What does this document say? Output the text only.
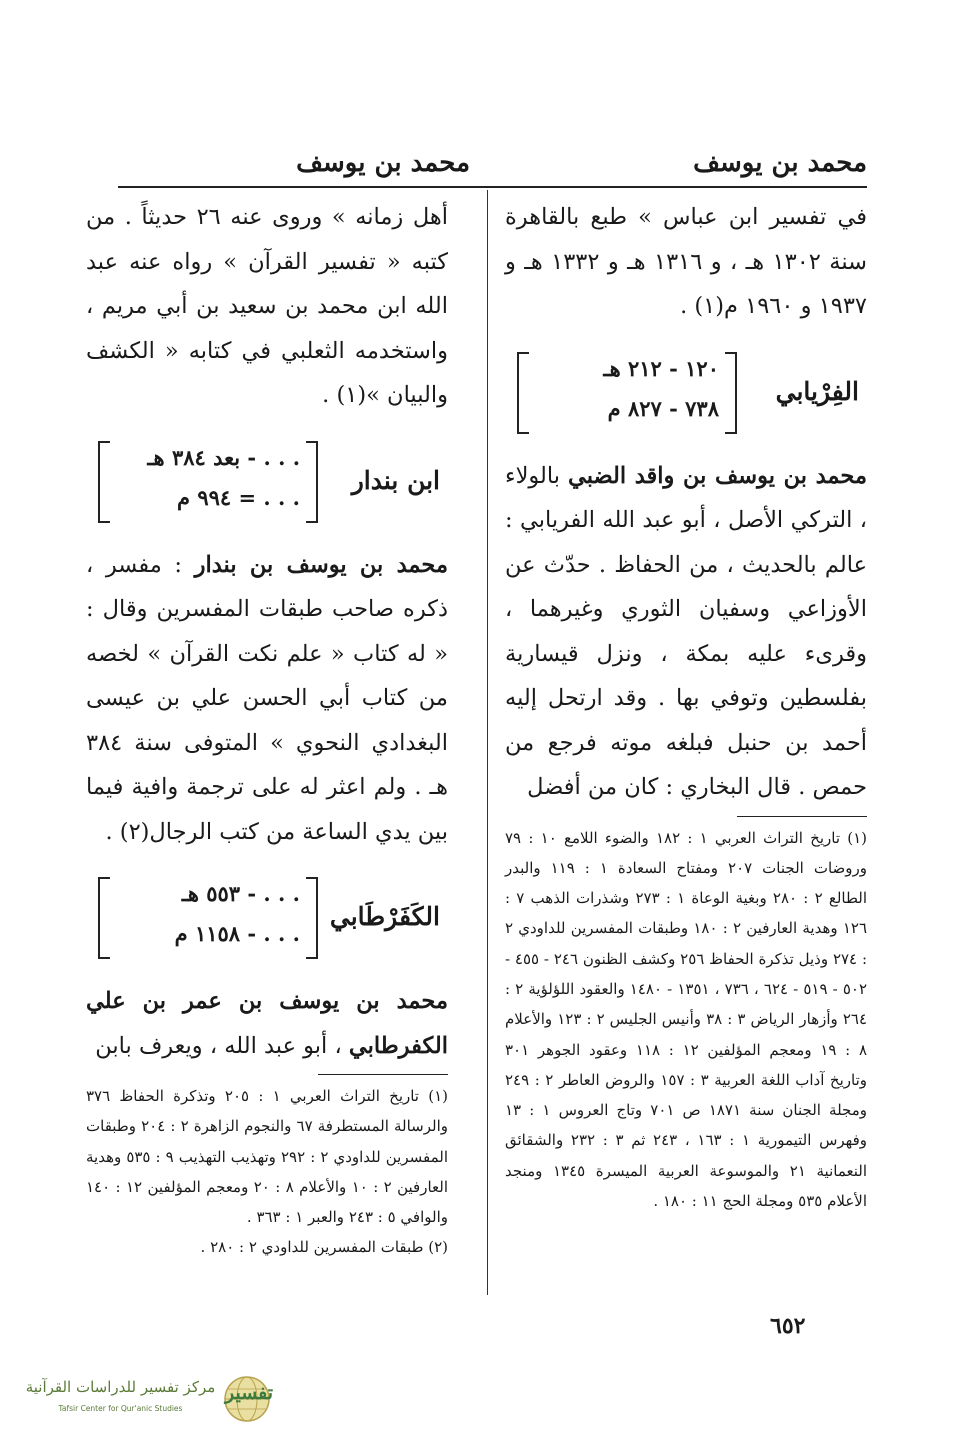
محمد بن يوسف
محمد بن يوسف

في تفسير ابن عباس » طبع بالقاهرة سنة ١٣٠٢ هـ ، و ١٣١٦ هـ و ١٣٣٢ هـ و ١٩٣٧ و ١٩٦٠ م(١) .

الفِرْيابي
١٢٠ - ٢١٢ هـ
٧٣٨ - ٨٢٧ م

محمد بن يوسف بن واقد الضبي بالولاء ، التركي الأصل ، أبو عبد الله الفريابي : عالم بالحديث ، من الحفاظ . حدّث عن الأوزاعي وسفيان الثوري وغيرهما ، وقرىء عليه بمكة ، ونزل قيسارية بفلسطين وتوفي بها . وقد ارتحل إليه أحمد بن حنبل فبلغه موته فرجع من حمص . قال البخاري : كان من أفضل

(١) تاريخ التراث العربي ١ : ١٨٢ والضوء اللامع ١٠ : ٧٩ وروضات الجنات ٢٠٧ ومفتاح السعادة ١ : ١١٩ والبدر الطالع ٢ : ٢٨٠ وبغية الوعاة ١ : ٢٧٣ وشذرات الذهب ٧ : ١٢٦ وهدية العارفين ٢ : ١٨٠ وطبقات المفسرين للداودي ٢ : ٢٧٤ وذيل تذكرة الحفاظ ٢٥٦ وكشف الظنون ٢٤٦ - ٤٥٥ - ٥٠٢ - ٥١٩ - ٦٢٤ ، ٧٣٦ ، ١٣٥١ - ١٤٨٠ والعقود اللؤلؤية ٢ : ٢٦٤ وأزهار الرياض ٣ : ٣٨ وأنيس الجليس ٢ : ١٢٣ والأعلام ٨ : ١٩ ومعجم المؤلفين ١٢ : ١١٨ وعقود الجوهر ٣٠١ وتاريخ آداب اللغة العربية ٣ : ١٥٧ والروض العاطر ٢ : ٢٤٩ ومجلة الجنان سنة ١٨٧١ ص ٧٠١ وتاج العروس ١ : ١٣ وفهرس التيمورية ١ : ١٦٣ ، ٢٤٣ ثم ٣ : ٢٣٢ والشقائق النعمانية ٢١ والموسوعة العربية الميسرة ١٣٤٥ ومنجد الأعلام ٥٣٥ ومجلة الحج ١١ : ١٨٠ .

أهل زمانه » وروى عنه ٢٦ حديثاً . من كتبه « تفسير القرآن » رواه عنه عبد الله ابن محمد بن سعيد بن أبي مريم ، واستخدمه الثعلبي في كتابه « الكشف والبيان »(١) .

ابن بندار
. . . - بعد ٣٨٤ هـ
. . . = ٩٩٤ م

محمد بن يوسف بن بندار : مفسر ، ذكره صاحب طبقات المفسرين وقال : « له كتاب « علم نكت القرآن » لخصه من كتاب أبي الحسن علي بن عيسى البغدادي النحوي » المتوفى سنة ٣٨٤ هـ . ولم اعثر له على ترجمة وافية فيما بين يدي الساعة من كتب الرجال(٢) .

الكَفَرْطَابي
. . . - ٥٥٣ هـ
. . . - ١١٥٨ م

محمد بن يوسف بن عمر بن علي الكفرطابي ، أبو عبد الله ، ويعرف بابن

(١) تاريخ التراث العربي ١ : ٢٠٥ وتذكرة الحفاظ ٣٧٦ والرسالة المستطرفة ٦٧ والنجوم الزاهرة ٢ : ٢٠٤ وطبقات المفسرين للداودي ٢ : ٢٩٢ وتهذيب التهذيب ٩ : ٥٣٥ وهدية العارفين ٢ : ١٠ والأعلام ٨ : ٢٠ ومعجم المؤلفين ١٢ : ١٤٠ والوافي ٥ : ٢٤٣ والعبر ١ : ٣٦٣ .

(٢) طبقات المفسرين للداودي ٢ : ٢٨٠ .

٦٥٢
تفسير
مركز تفسير للدراسات القرآنية
Tafsir Center for Qur'anic Studies
